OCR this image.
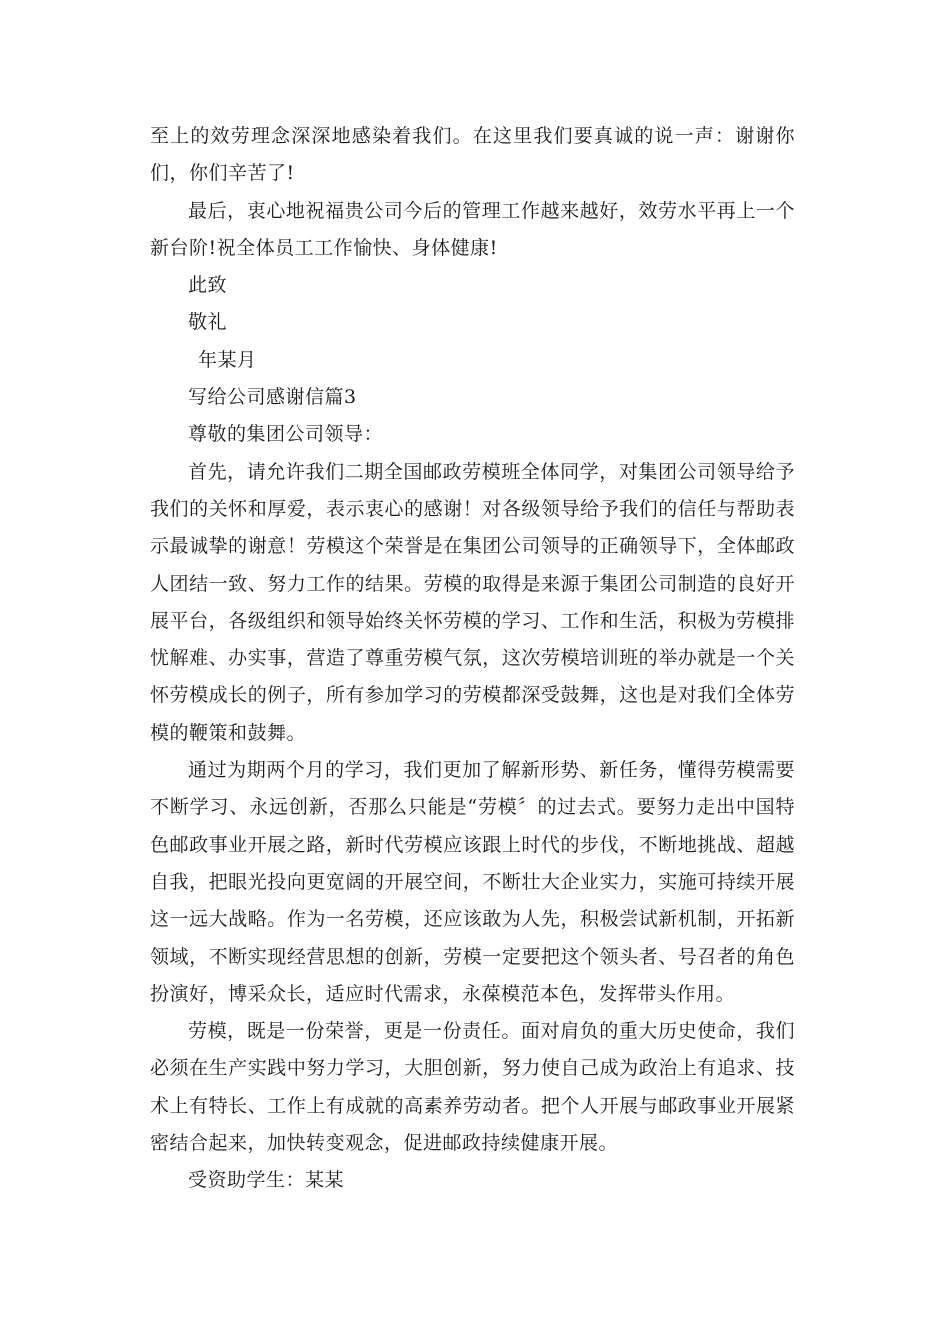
至上的效劳理念深深地感染着我们。在这里我们要真诚的说一声：谢谢你们，你们辛苦了!

最后，衷心地祝福贵公司今后的管理工作越来越好，效劳水平再上一个新台阶!祝全体员工工作愉快、身体健康!

此致

敬礼

年某月

写给公司感谢信篇3

尊敬的集团公司领导：

首先，请允许我们二期全国邮政劳模班全体同学，对集团公司领导给予我们的关怀和厚爱，表示衷心的感谢！对各级领导给予我们的信任与帮助表示最诚挚的谢意！劳模这个荣誉是在集团公司领导的正确领导下，全体邮政人团结一致、努力工作的结果。劳模的取得是来源于集团公司制造的良好开展平台，各级组织和领导始终关怀劳模的学习、工作和生活，积极为劳模排忧解难、办实事，营造了尊重劳模气氛，这次劳模培训班的举办就是一个关怀劳模成长的例子，所有参加学习的劳模都深受鼓舞，这也是对我们全体劳模的鞭策和鼓舞。

通过为期两个月的学习，我们更加了解新形势、新任务，懂得劳模需要不断学习、永远创新，否那么只能是“劳模〞的过去式。要努力走出中国特色邮政事业开展之路，新时代劳模应该跟上时代的步伐，不断地挑战、超越自我，把眼光投向更宽阔的开展空间，不断壮大企业实力，实施可持续开展这一远大战略。作为一名劳模，还应该敢为人先，积极尝试新机制，开拓新领域，不断实现经营思想的创新，劳模一定要把这个领头者、号召者的角色扮演好，博采众长，适应时代需求，永葆模范本色，发挥带头作用。

劳模，既是一份荣誉，更是一份责任。面对肩负的重大历史使命，我们必须在生产实践中努力学习，大胆创新，努力使自己成为政治上有追求、技术上有特长、工作上有成就的高素养劳动者。把个人开展与邮政事业开展紧密结合起来，加快转变观念，促进邮政持续健康开展。

受资助学生：某某
